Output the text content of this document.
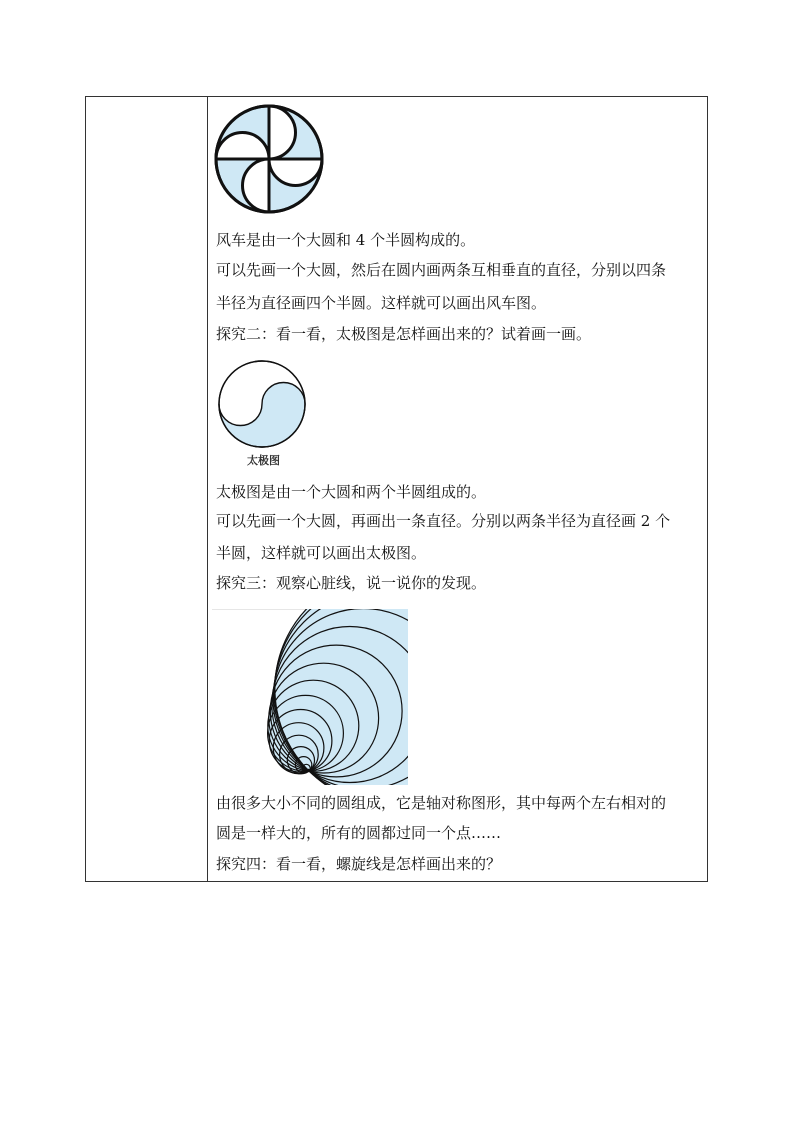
风车是由一个大圆和 4 个半圆构成的。
可以先画一个大圆，然后在圆内画两条互相垂直的直径，分别以四条
半径为直径画四个半圆。这样就可以画出风车图。
探究二：看一看，太极图是怎样画出来的？试着画一画。
太极图
太极图是由一个大圆和两个半圆组成的。
可以先画一个大圆，再画出一条直径。分别以两条半径为直径画 2 个
半圆，这样就可以画出太极图。
探究三：观察心脏线，说一说你的发现。
由很多大小不同的圆组成，它是轴对称图形，其中每两个左右相对的
圆是一样大的，所有的圆都过同一个点……
探究四：看一看，螺旋线是怎样画出来的？
